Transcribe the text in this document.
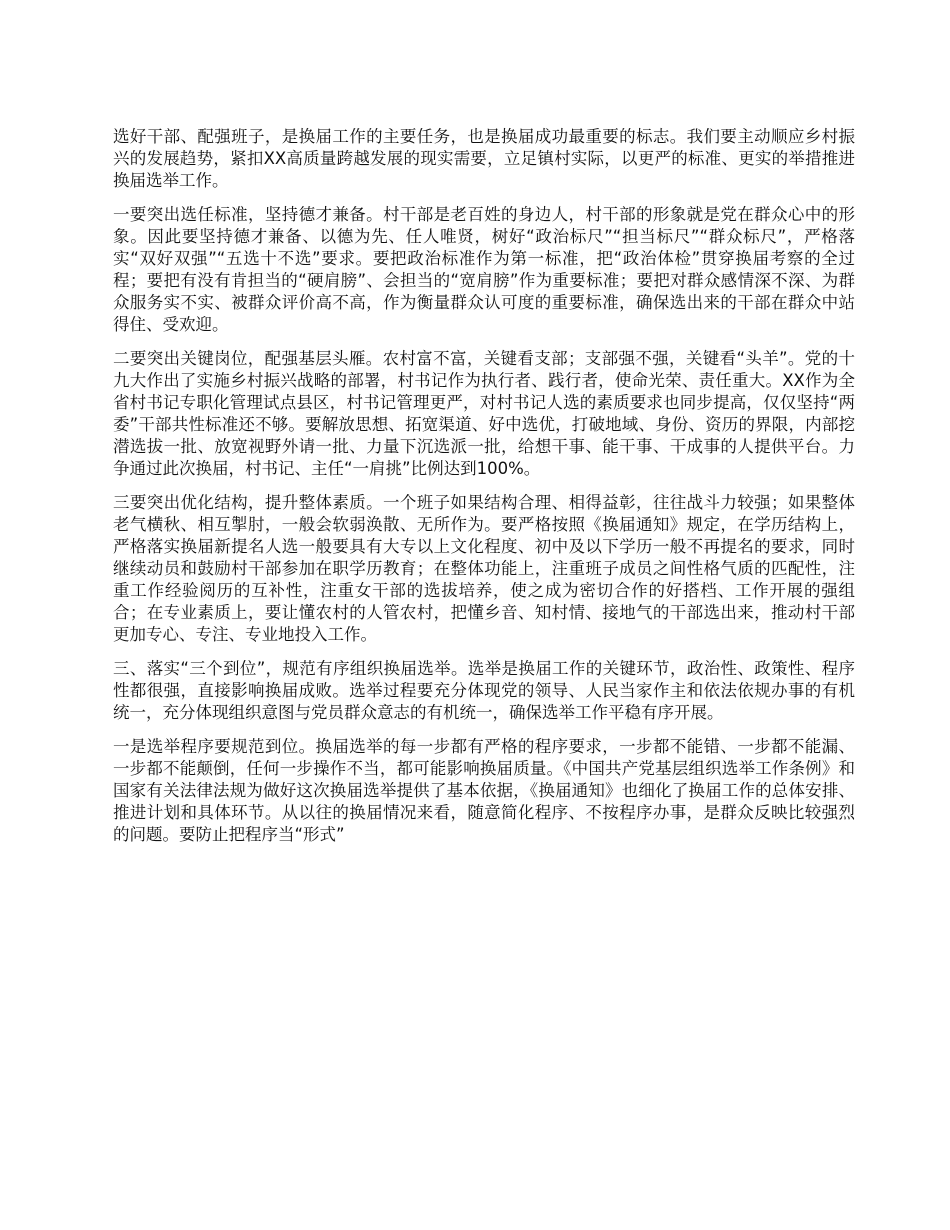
选好干部、配强班子，是换届工作的主要任务，也是换届成功最重要的标志。我们要主动顺应乡村振兴的发展趋势，紧扣XX高质量跨越发展的现实需要，立足镇村实际，以更严的标准、更实的举措推进换届选举工作。

一要突出选任标准，坚持德才兼备。村干部是老百姓的身边人，村干部的形象就是党在群众心中的形象。因此要坚持德才兼备、以德为先、任人唯贤，树好“政治标尺”“担当标尺”“群众标尺”，严格落实“双好双强”“五选十不选”要求。要把政治标准作为第一标准，把“政治体检”贯穿换届考察的全过程；要把有没有肯担当的“硬肩膀”、会担当的“宽肩膀”作为重要标准；要把对群众感情深不深、为群众服务实不实、被群众评价高不高，作为衡量群众认可度的重要标准，确保选出来的干部在群众中站得住、受欢迎。

二要突出关键岗位，配强基层头雁。农村富不富，关键看支部；支部强不强，关键看“头羊”。党的十九大作出了实施乡村振兴战略的部署，村书记作为执行者、践行者，使命光荣、责任重大。XX作为全省村书记专职化管理试点县区，村书记管理更严，对村书记人选的素质要求也同步提高，仅仅坚持“两委”干部共性标准还不够。要解放思想、拓宽渠道、好中选优，打破地域、身份、资历的界限，内部挖潜选拔一批、放宽视野外请一批、力量下沉选派一批，给想干事、能干事、干成事的人提供平台。力争通过此次换届，村书记、主任“一肩挑”比例达到100%。

三要突出优化结构，提升整体素质。一个班子如果结构合理、相得益彰，往往战斗力较强；如果整体老气横秋、相互掣肘，一般会软弱涣散、无所作为。要严格按照《换届通知》规定，在学历结构上，严格落实换届新提名人选一般要具有大专以上文化程度、初中及以下学历一般不再提名的要求，同时继续动员和鼓励村干部参加在职学历教育；在整体功能上，注重班子成员之间性格气质的匹配性，注重工作经验阅历的互补性，注重女干部的选拔培养，使之成为密切合作的好搭档、工作开展的强组合；在专业素质上，要让懂农村的人管农村，把懂乡音、知村情、接地气的干部选出来，推动村干部更加专心、专注、专业地投入工作。

三、落实“三个到位”，规范有序组织换届选举。选举是换届工作的关键环节，政治性、政策性、程序性都很强，直接影响换届成败。选举过程要充分体现党的领导、人民当家作主和依法依规办事的有机统一，充分体现组织意图与党员群众意志的有机统一，确保选举工作平稳有序开展。

一是选举程序要规范到位。换届选举的每一步都有严格的程序要求，一步都不能错、一步都不能漏、一步都不能颠倒，任何一步操作不当，都可能影响换届质量。《中国共产党基层组织选举工作条例》和国家有关法律法规为做好这次换届选举提供了基本依据，《换届通知》也细化了换届工作的总体安排、推进计划和具体环节。从以往的换届情况来看，随意简化程序、不按程序办事，是群众反映比较强烈的问题。要防止把程序当“形式”
